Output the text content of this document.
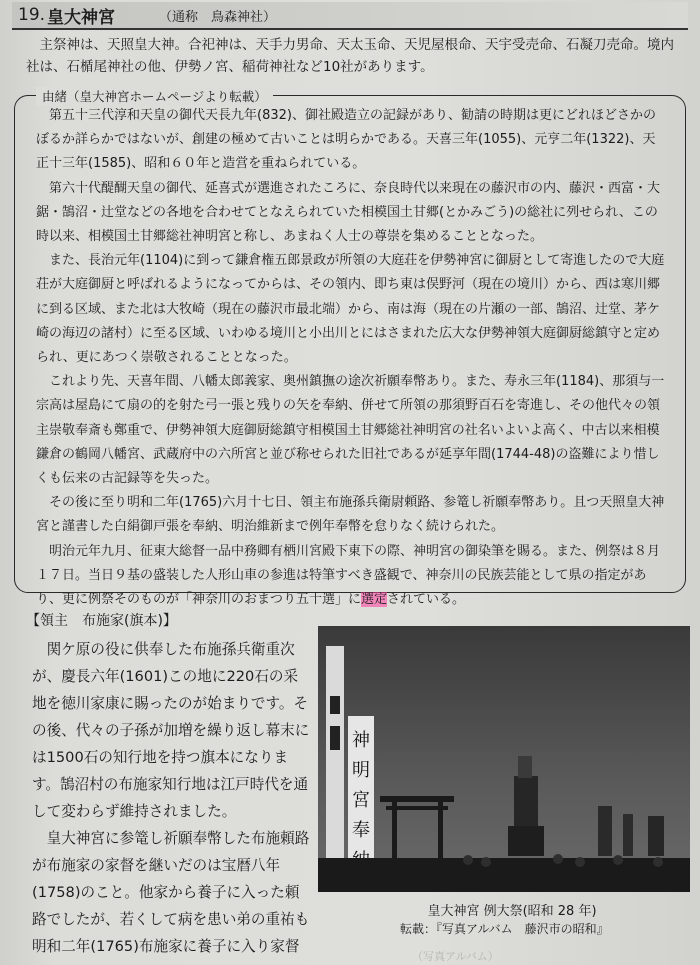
19. 皇大神宮	（通称　鳥森神社）

主祭神は、天照皇大神。合祀神は、天手力男命、天太玉命、天児屋根命、天宇受売命、石凝刀売命。境内社は、石楯尾神社の他、伊勢ノ宮、稲荷神社など10社があります。

由緒（皇大神宮ホームページより転載）

第五十三代淳和天皇の御代天長九年(832)、御社殿造立の記録があり、勧請の時期は更にどれほどさかのぼるか詳らかではないが、創建の極めて古いことは明らかである。天喜三年(1055)、元亨二年(1322)、天正十三年(1585)、昭和６０年と造営を重ねられている。

第六十代醍醐天皇の御代、延喜式が選進されたころに、奈良時代以来現在の藤沢市の内、藤沢・西富・大鋸・鵠沼・辻堂などの各地を合わせてとなえられていた相模国土甘郷(とかみごう)の総社に列せられ、この時以来、相模国土甘郷総社神明宮と称し、あまねく人士の尊崇を集めることとなった。

また、長治元年(1104)に到って鎌倉権五郎景政が所領の大庭荘を伊勢神宮に御厨として寄進したので大庭荘が大庭御厨と呼ばれるようになってからは、その領内、即ち東は俣野河（現在の境川）から、西は寒川郷に到る区域、また北は大牧崎（現在の藤沢市最北端）から、南は海（現在の片瀬の一部、鵠沼、辻堂、茅ケ崎の海辺の諸村）に至る区域、いわゆる境川と小出川とにはさまれた広大な伊勢神領大庭御厨総鎮守と定められ、更にあつく崇敬されることとなった。

これより先、天喜年間、八幡太郎義家、奥州鎮撫の途次祈願奉幣あり。また、寿永三年(1184)、那須与一宗高は屋島にて扇の的を射た弓一張と残りの矢を奉納、併せて所領の那須野百石を寄進し、その他代々の領主崇敬奉斎も鄭重で、伊勢神領大庭御厨総鎮守相模国土甘郷総社神明宮の社名いよいよ高く、中古以来相模鎌倉の鶴岡八幡宮、武蔵府中の六所宮と並び称せられた旧社であるが延享年間(1744-48)の盗難により惜しくも伝来の古記録等を失った。

その後に至り明和二年(1765)六月十七日、領主布施孫兵衛尉頼路、参篭し祈願奉幣あり。且つ天照皇大神宮と謹書した白絹御戸張を奉納、明治維新まで例年奉幣を怠りなく続けられた。

明治元年九月、征東大総督一品中務卿有栖川宮殿下東下の際、神明宮の御染筆を賜る。また、例祭は８月１７日。当日９基の盛装した人形山車の参進は特筆すべき盛観で、神奈川の民族芸能として県の指定があり、更に例祭そのものが「神奈川のおまつり五十選」に選定されている。

【領主　布施家(旗本)】

関ケ原の役に供奉した布施孫兵衛重次が、慶長六年(1601)この地に220石の采地を徳川家康に賜ったのが始まりです。その後、代々の子孫が加増を繰り返し幕末には1500石の知行地を持つ旗本になります。鵠沼村の布施家知行地は江戸時代を通して変わらず維持されました。

皇大神宮に参篭し祈願奉幣した布施頼路が布施家の家督を継いだのは宝暦八年(1758)のこと。他家から養子に入った頼路でしたが、若くして病を患い弟の重祐も明和二年(1765)布施家に養子に入り家督

神
明
宮
奉
皇大神宮 例大祭(昭和 28 年)
転載：『写真アルバム　藤沢市の昭和』
（写真アルバム）
